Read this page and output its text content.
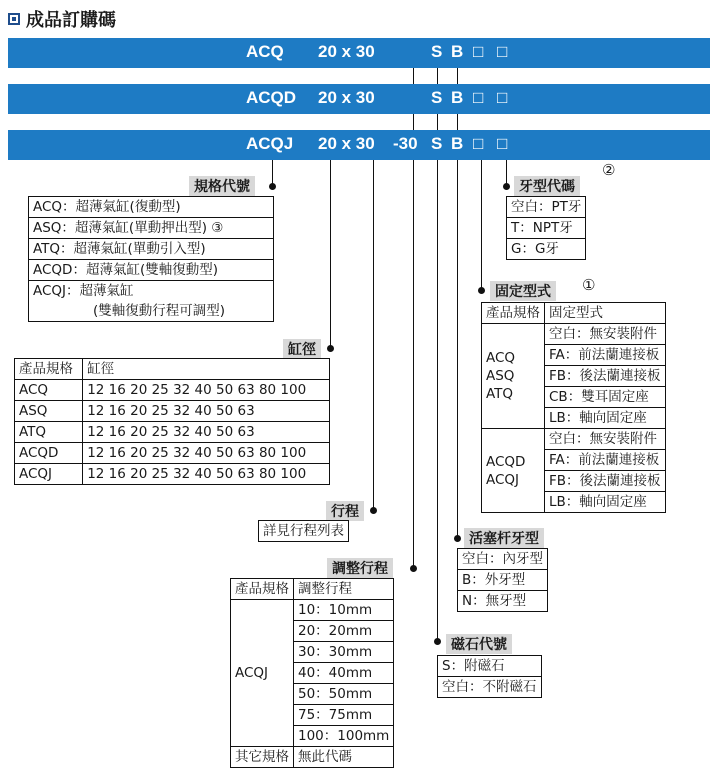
成品訂購碼
ACQ 20 x 30	S B □ □
ACQD 20 x 30	S B □ □
ACQJ 20 x 30 -30 S B □ □
規格代號
ACQ：超薄氣缸(復動型)
ASQ：超薄氣缸(單動押出型) ③
ATQ：超薄氣缸(單動引入型)
ACQD：超薄氣缸(雙軸復動型)

ACQJ：超薄氣缸
(雙軸復動行程可調型)
缸徑
產品規格	缸徑
ACQ	12 16 20 25 32 40 50 63 80 100
ASQ	12 16 20 25 32 40 50 63
ATQ	12 16 20 25 32 40 50 63
ACQD	12 16 20 25 32 40 50 63 80 100
ACQJ	12 16 20 25 32 40 50 63 80 100
行程
詳見行程列表
調整行程
產品規格	調整行程
ACQJ	10：10mm
	20：20mm
	30：30mm
	40：40mm
	50：50mm
	75：75mm
	100：100mm
其它規格	無此代碼
牙型代碼
②
空白：PT牙
T：NPT牙
G：G牙
固定型式 ①
產品規格	固定型式

ACQ
ASQ
ATQ	空白：無安裝附件
	FA：前法蘭連接板
	FB：後法蘭連接板
	CB：雙耳固定座
	LB：軸向固定座

ACQD
ACQJ	空白：無安裝附件
	FA：前法蘭連接板
	FB：後法蘭連接板
	LB：軸向固定座
活塞杆牙型
空白：內牙型
B：外牙型
N：無牙型
磁石代號
S：附磁石
空白：不附磁石
